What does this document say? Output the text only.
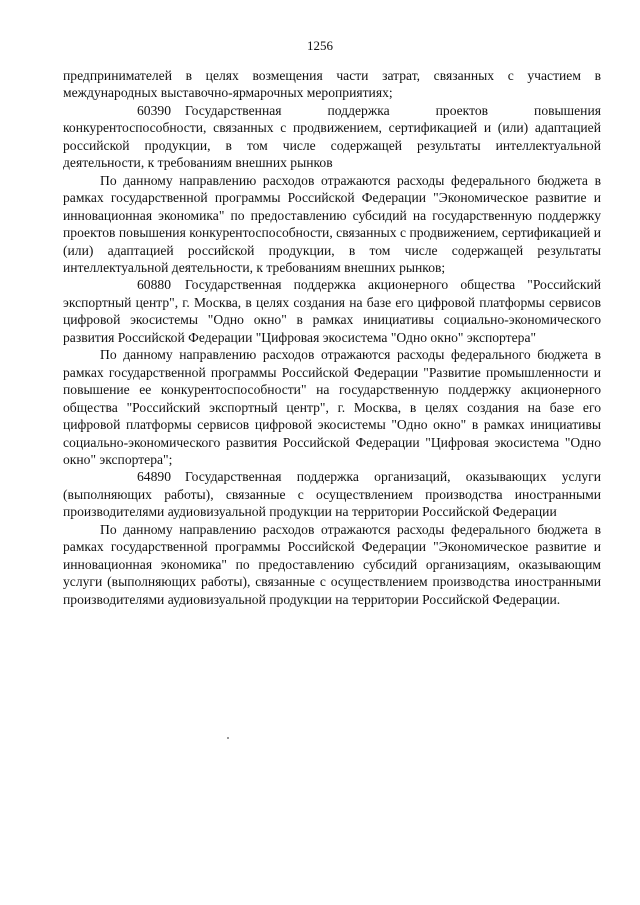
1256

предпринимателей в целях возмещения части затрат, связанных с участием в международных выставочно-ярмарочных мероприятиях;

60390 Государственная поддержка проектов повышения конкурентоспособности, связанных с продвижением, сертификацией и (или) адаптацией российской продукции, в том числе содержащей результаты интеллектуальной деятельности, к требованиям внешних рынков

По данному направлению расходов отражаются расходы федерального бюджета в рамках государственной программы Российской Федерации "Экономическое развитие и инновационная экономика" по предоставлению субсидий на государственную поддержку проектов повышения конкурентоспособности, связанных с продвижением, сертификацией и (или) адаптацией российской продукции, в том числе содержащей результаты интеллектуальной деятельности, к требованиям внешних рынков;

60880 Государственная поддержка акционерного общества "Российский экспортный центр", г. Москва, в целях создания на базе его цифровой платформы сервисов цифровой экосистемы "Одно окно" в рамках инициативы социально-экономического развития Российской Федерации "Цифровая экосистема "Одно окно" экспортера"

По данному направлению расходов отражаются расходы федерального бюджета в рамках государственной программы Российской Федерации "Развитие промышленности и повышение ее конкурентоспособности" на государственную поддержку акционерного общества "Российский экспортный центр", г. Москва, в целях создания на базе его цифровой платформы сервисов цифровой экосистемы "Одно окно" в рамках инициативы социально-экономического развития Российской Федерации "Цифровая экосистема "Одно окно" экспортера";

64890 Государственная поддержка организаций, оказывающих услуги (выполняющих работы), связанные с осуществлением производства иностранными производителями аудиовизуальной продукции на территории Российской Федерации

По данному направлению расходов отражаются расходы федерального бюджета в рамках государственной программы Российской Федерации "Экономическое развитие и инновационная экономика" по предоставлению субсидий организациям, оказывающим услуги (выполняющих работы), связанные с осуществлением производства иностранными производителями аудиовизуальной продукции на территории Российской Федерации.
